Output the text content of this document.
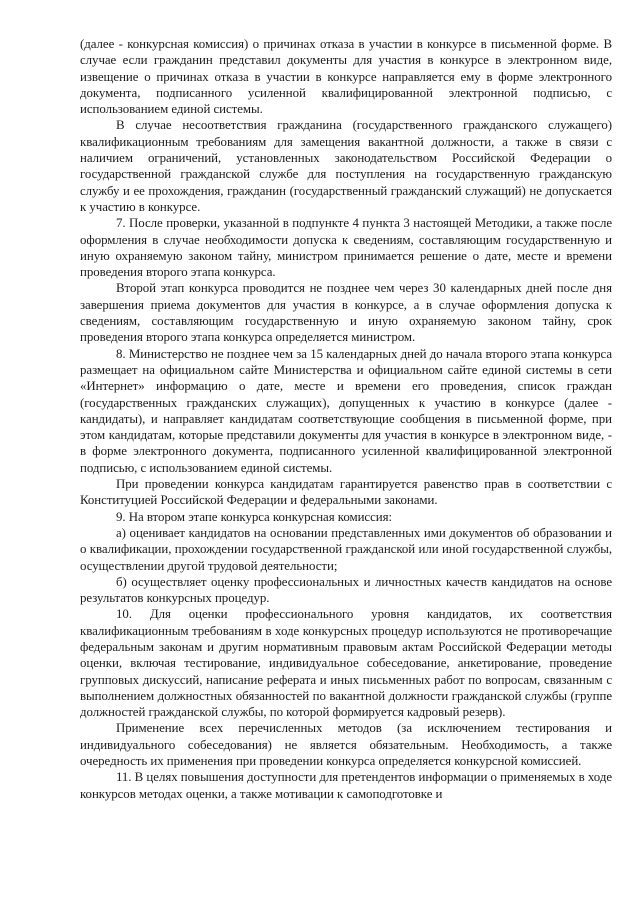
(далее - конкурсная комиссия) о причинах отказа в участии в конкурсе в письменной форме. В случае если гражданин представил документы для участия в конкурсе в электронном виде, извещение о причинах отказа в участии в конкурсе направляется ему в форме электронного документа, подписанного усиленной квалифицированной электронной подписью, с использованием единой системы.

В случае несоответствия гражданина (государственного гражданского служащего) квалификационным требованиям для замещения вакантной должности, а также в связи с наличием ограничений, установленных законодательством Российской Федерации о государственной гражданской службе для поступления на государственную гражданскую службу и ее прохождения, гражданин (государственный гражданский служащий) не допускается к участию в конкурсе.

7. После проверки, указанной в подпункте 4 пункта 3 настоящей Методики, а также после оформления в случае необходимости допуска к сведениям, составляющим государственную и иную охраняемую законом тайну, министром принимается решение о дате, месте и времени проведения второго этапа конкурса.

Второй этап конкурса проводится не позднее чем через 30 календарных дней после дня завершения приема документов для участия в конкурсе, а в случае оформления допуска к сведениям, составляющим государственную и иную охраняемую законом тайну, срок проведения второго этапа конкурса определяется министром.

8. Министерство не позднее чем за 15 календарных дней до начала второго этапа конкурса размещает на официальном сайте Министерства и официальном сайте единой системы в сети «Интернет» информацию о дате, месте и времени его проведения, список граждан (государственных гражданских служащих), допущенных к участию в конкурсе (далее - кандидаты), и направляет кандидатам соответствующие сообщения в письменной форме, при этом кандидатам, которые представили документы для участия в конкурсе в электронном виде, - в форме электронного документа, подписанного усиленной квалифицированной электронной подписью, с использованием единой системы.

При проведении конкурса кандидатам гарантируется равенство прав в соответствии с Конституцией Российской Федерации и федеральными законами.

9. На втором этапе конкурса конкурсная комиссия:

а) оценивает кандидатов на основании представленных ими документов об образовании и о квалификации, прохождении государственной гражданской или иной государственной службы, осуществлении другой трудовой деятельности;

б) осуществляет оценку профессиональных и личностных качеств кандидатов на основе результатов конкурсных процедур.

10. Для оценки профессионального уровня кандидатов, их соответствия квалификационным требованиям в ходе конкурсных процедур используются не противоречащие федеральным законам и другим нормативным правовым актам Российской Федерации методы оценки, включая тестирование, индивидуальное собеседование, анкетирование, проведение групповых дискуссий, написание реферата и иных письменных работ по вопросам, связанным с выполнением должностных обязанностей по вакантной должности гражданской службы (группе должностей гражданской службы, по которой формируется кадровый резерв).

Применение всех перечисленных методов (за исключением тестирования и индивидуального собеседования) не является обязательным. Необходимость, а также очередность их применения при проведении конкурса определяется конкурсной комиссией.

11. В целях повышения доступности для претендентов информации о применяемых в ходе конкурсов методах оценки, а также мотивации к самоподготовке и
